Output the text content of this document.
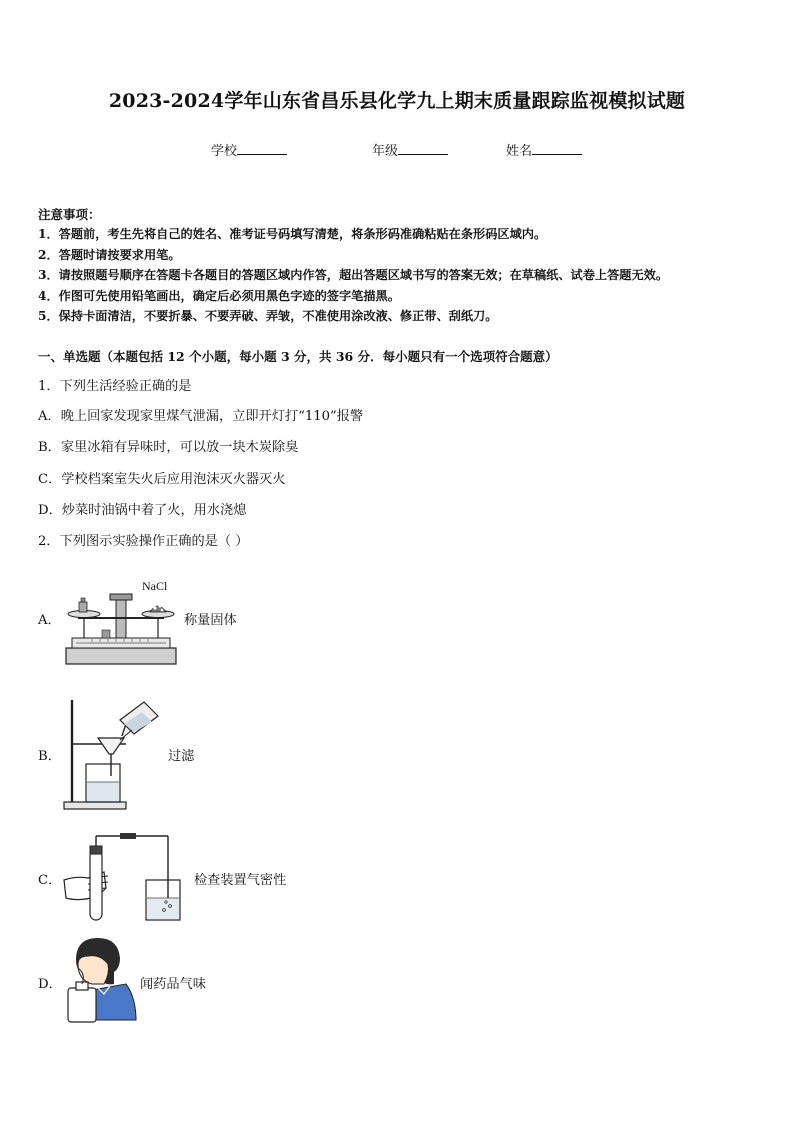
2023-2024学年山东省昌乐县化学九上期末质量跟踪监视模拟试题
学校	年级	姓名
注意事项：
1．答题前，考生先将自己的姓名、准考证号码填写清楚，将条形码准确粘贴在条形码区域内。
2．答题时请按要求用笔。
3．请按照题号顺序在答题卡各题目的答题区域内作答，超出答题区域书写的答案无效；在草稿纸、试卷上答题无效。
4．作图可先使用铅笔画出，确定后必须用黑色字迹的签字笔描黑。
5．保持卡面清洁，不要折暴、不要弄破、弄皱，不准使用涂改液、修正带、刮纸刀。
一、单选题（本题包括 12 个小题，每小题 3 分，共 36 分．每小题只有一个选项符合题意）
1．下列生活经验正确的是
A．晚上回家发现家里煤气泄漏，立即开灯打“110”报警
B．家里冰箱有异味时，可以放一块木炭除臭
C．学校档案室失火后应用泡沫灭火器灭火
D．炒菜时油锅中着了火，用水浇熄
2．下列图示实验操作正确的是（ ）
A．	称量固体
NaCl
B．	过滤
C．	检查装置气密性
D．	闻药品气味
